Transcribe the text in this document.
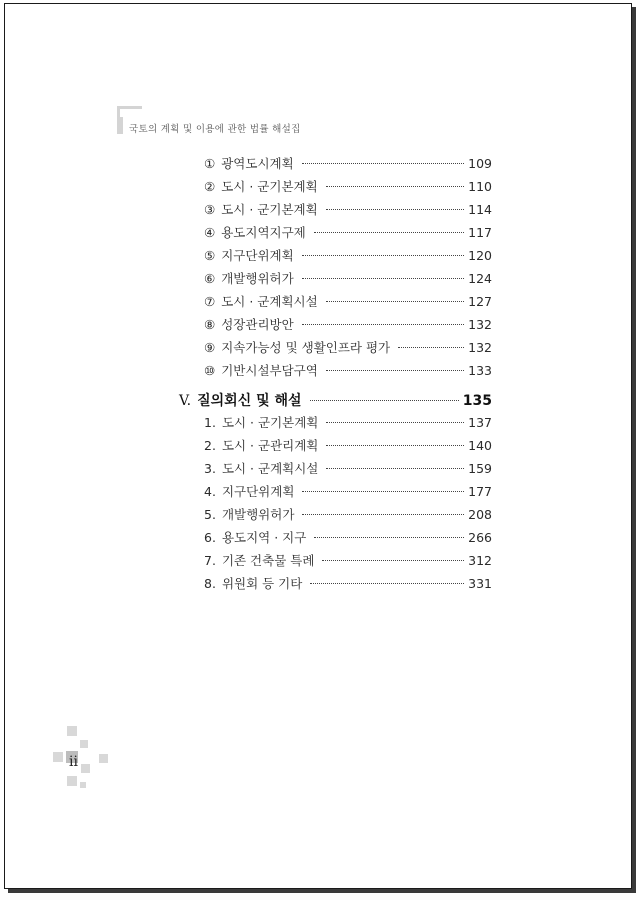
국토의 계획 및 이용에 관한 법률 해설집
① 광역도시계획	109
② 도시 · 군기본계획	110
③ 도시 · 군기본계획	114
④ 용도지역지구제	117
⑤ 지구단위계획	120
⑥ 개발행위허가	124
⑦ 도시 · 군계획시설	127
⑧ 성장관리방안	132
⑨ 지속가능성 및 생활인프라 평가	132
⑩ 기반시설부담구역	133
V. 질의회신 및 해설	135
1. 도시 · 군기본계획	137
2. 도시 · 군관리계획	140
3. 도시 · 군계획시설	159
4. 지구단위계획	177
5. 개발행위허가	208
6. 용도지역 · 지구	266
7. 기존 건축물 특례	312
8. 위원회 등 기타	331
ii
